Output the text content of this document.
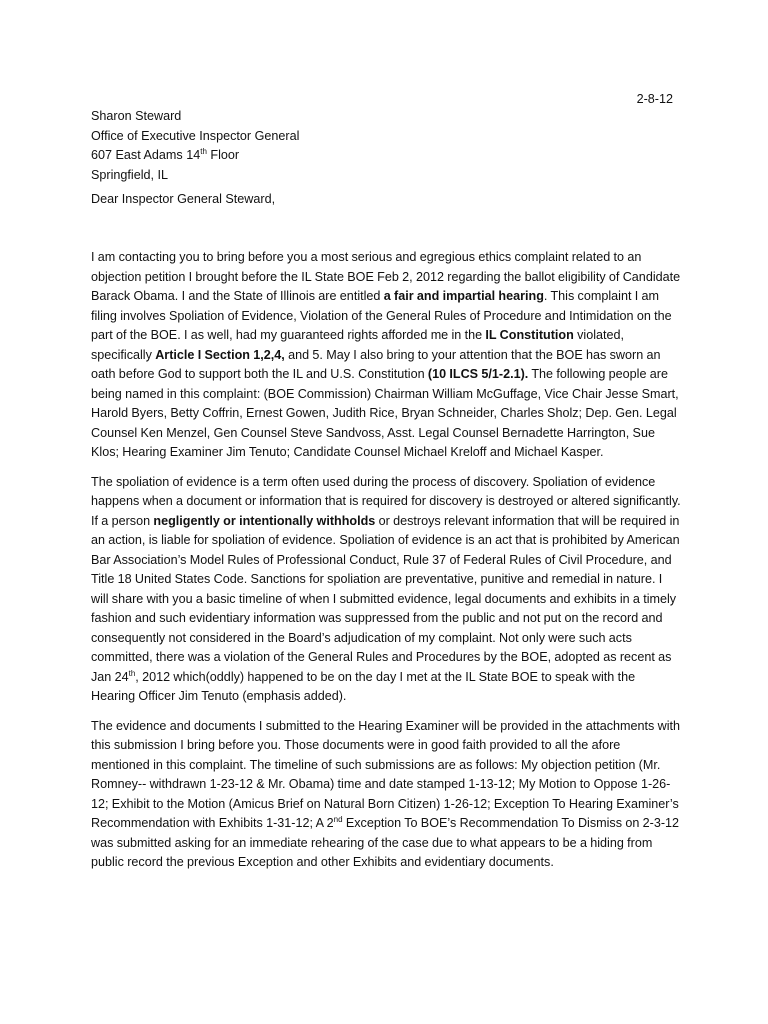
2-8-12
Sharon Steward
Office of Executive Inspector General
607 East Adams 14th Floor
Springfield, IL
Dear Inspector General Steward,

I am contacting you to bring before you a most serious and egregious ethics complaint related to an objection petition I brought before the IL State BOE Feb 2, 2012 regarding the ballot eligibility of Candidate Barack Obama. I and the State of Illinois are entitled a fair and impartial hearing. This complaint I am filing involves Spoliation of Evidence, Violation of the General Rules of Procedure and Intimidation on the part of the BOE. I as well, had my guaranteed rights afforded me in the IL Constitution violated, specifically Article I Section 1,2,4, and 5. May I also bring to your attention that the BOE has sworn an oath before God to support both the IL and U.S. Constitution (10 ILCS 5/1-2.1). The following people are being named in this complaint: (BOE Commission) Chairman William McGuffage, Vice Chair Jesse Smart, Harold Byers, Betty Coffrin, Ernest Gowen, Judith Rice, Bryan Schneider, Charles Sholz; Dep. Gen. Legal Counsel Ken Menzel, Gen Counsel Steve Sandvoss, Asst. Legal Counsel Bernadette Harrington, Sue Klos; Hearing Examiner Jim Tenuto; Candidate Counsel Michael Kreloff and Michael Kasper.

The spoliation of evidence is a term often used during the process of discovery. Spoliation of evidence happens when a document or information that is required for discovery is destroyed or altered significantly. If a person negligently or intentionally withholds or destroys relevant information that will be required in an action, is liable for spoliation of evidence. Spoliation of evidence is an act that is prohibited by American Bar Association’s Model Rules of Professional Conduct, Rule 37 of Federal Rules of Civil Procedure, and Title 18 United States Code. Sanctions for spoliation are preventative, punitive and remedial in nature. I will share with you a basic timeline of when I submitted evidence, legal documents and exhibits in a timely fashion and such evidentiary information was suppressed from the public and not put on the record and consequently not considered in the Board’s adjudication of my complaint. Not only were such acts committed, there was a violation of the General Rules and Procedures by the BOE, adopted as recent as Jan 24th, 2012 which(oddly) happened to be on the day I met at the IL State BOE to speak with the Hearing Officer Jim Tenuto (emphasis added).

The evidence and documents I submitted to the Hearing Examiner will be provided in the attachments with this submission I bring before you. Those documents were in good faith provided to all the afore mentioned in this complaint. The timeline of such submissions are as follows: My objection petition (Mr. Romney-- withdrawn 1-23-12 & Mr. Obama) time and date stamped 1-13-12; My Motion to Oppose 1-26-12; Exhibit to the Motion (Amicus Brief on Natural Born Citizen) 1-26-12; Exception To Hearing Examiner’s Recommendation with Exhibits 1-31-12; A 2nd Exception To BOE’s Recommendation To Dismiss on 2-3-12 was submitted asking for an immediate rehearing of the case due to what appears to be a hiding from public record the previous Exception and other Exhibits and evidentiary documents.
